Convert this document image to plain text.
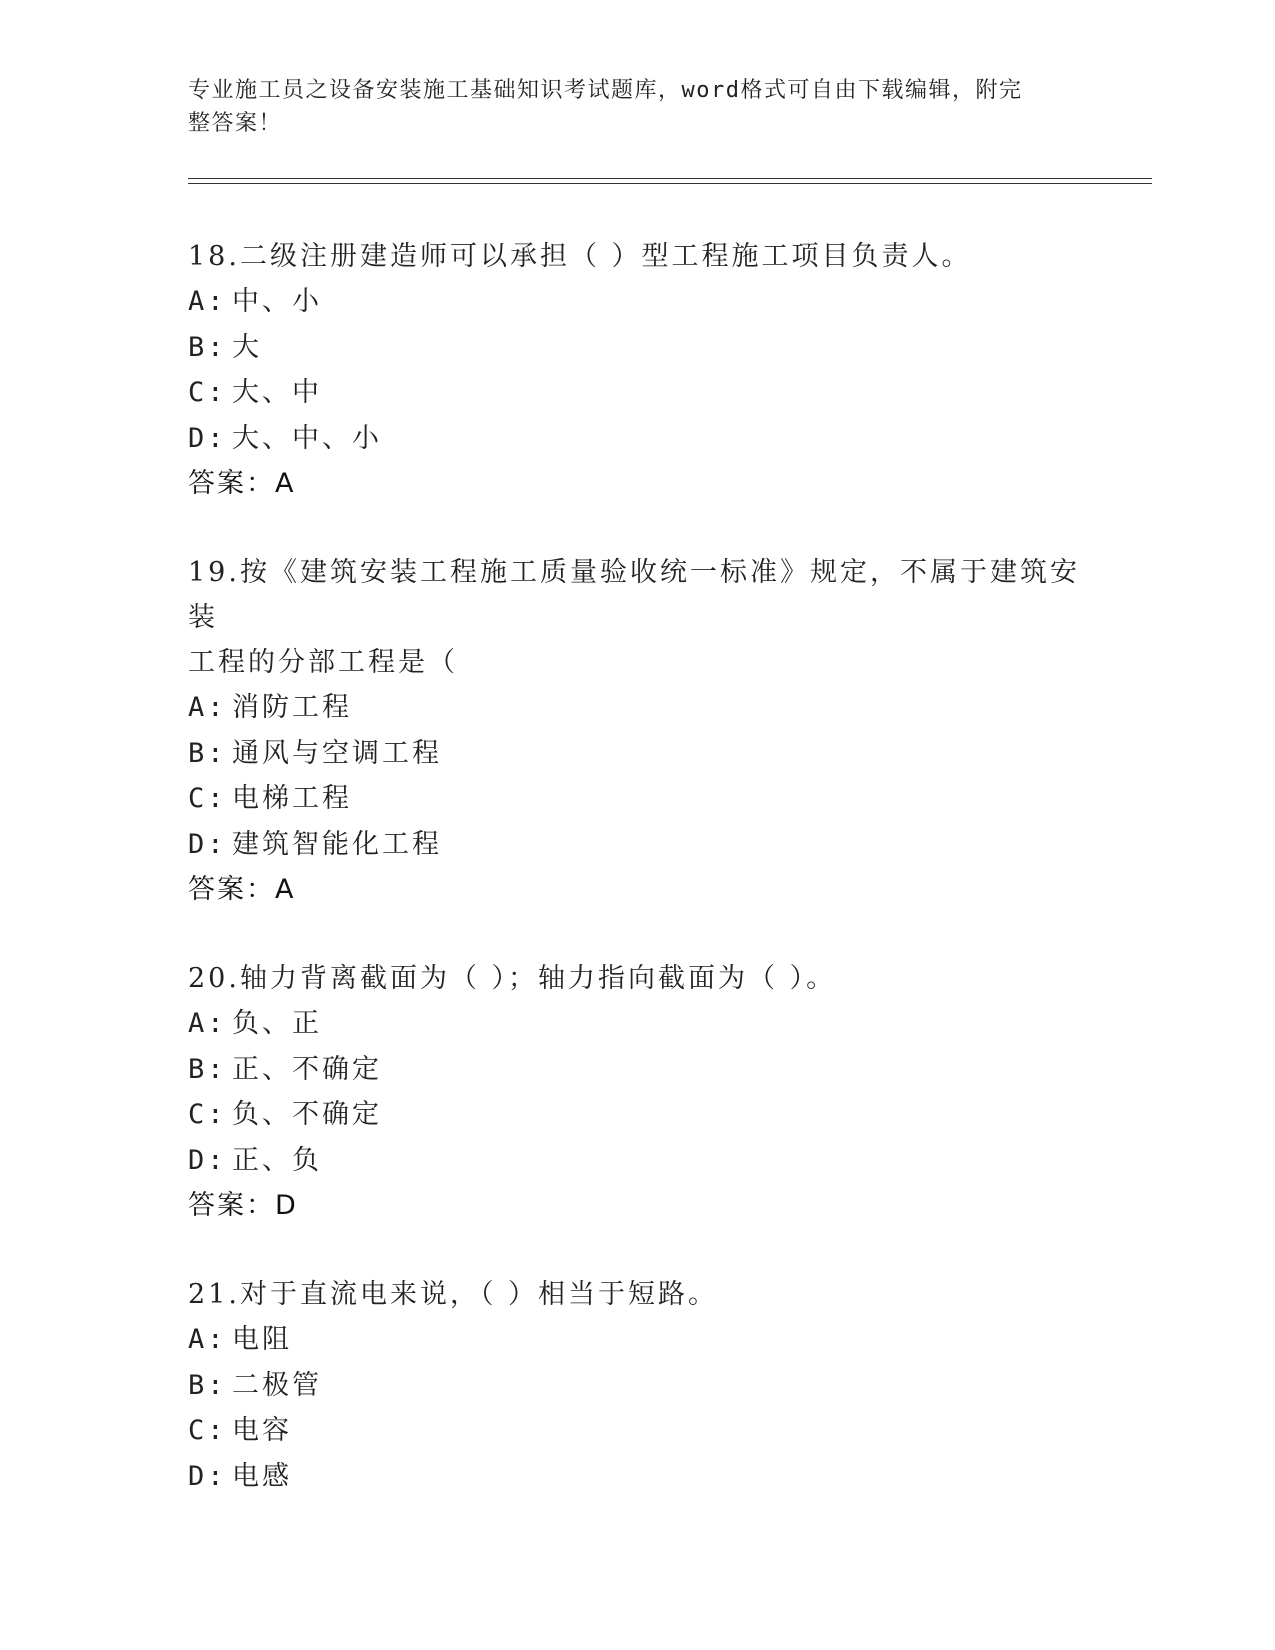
专业施工员之设备安装施工基础知识考试题库，word格式可自由下载编辑，附完
整答案！

18.二级注册建造师可以承担（ ）型工程施工项目负责人。

A: 中、小

B: 大

C: 大、中

D: 大、中、小

答案：A

19.按《建筑安装工程施工质量验收统一标准》规定，不属于建筑安装

工程的分部工程是（

A: 消防工程

B: 通风与空调工程

C: 电梯工程

D: 建筑智能化工程

答案：A

20.轴力背离截面为（ ）；轴力指向截面为（ ）。

A: 负、正

B: 正、不确定

C: 负、不确定

D: 正、负

答案：D

21.对于直流电来说，（ ）相当于短路。

A: 电阻

B: 二极管

C: 电容

D: 电感
